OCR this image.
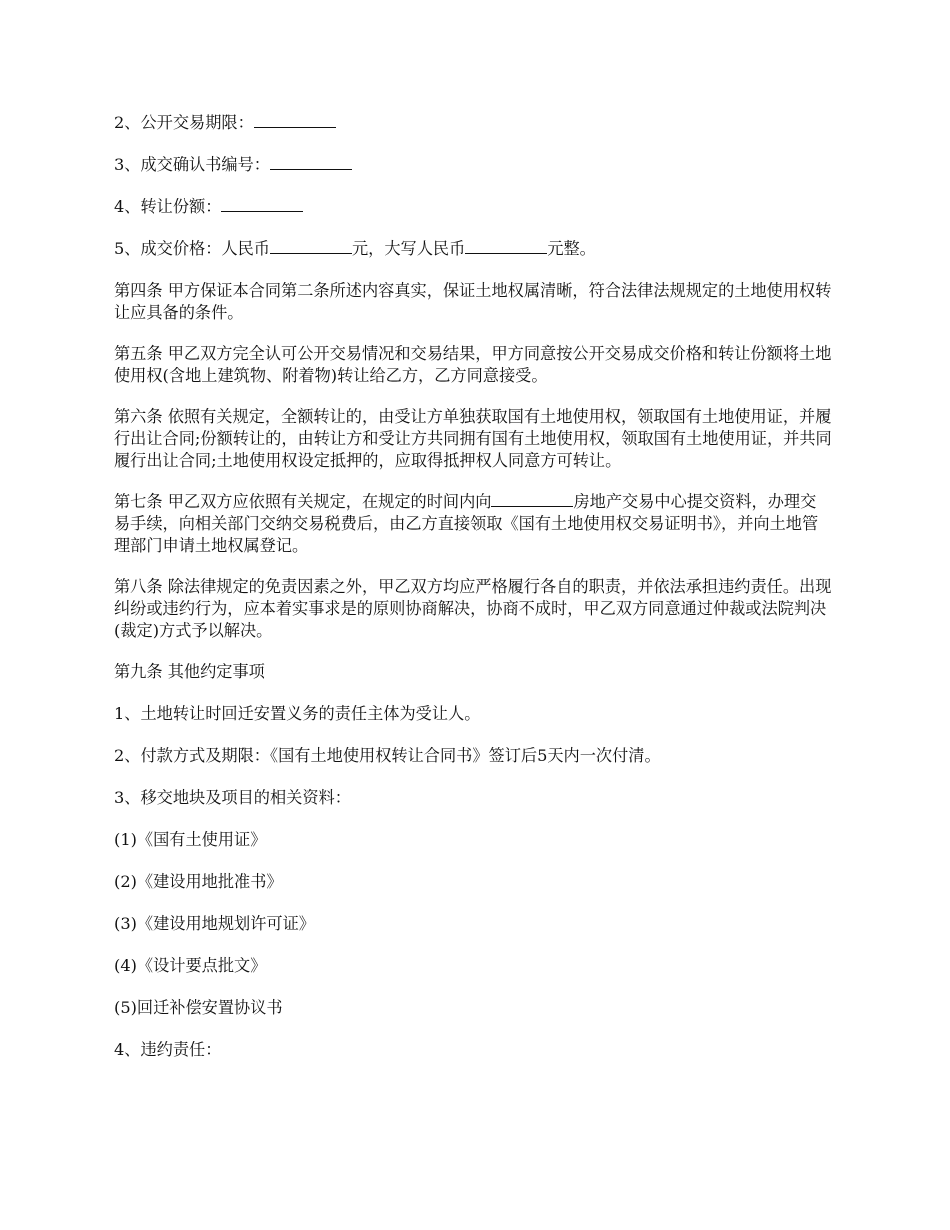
2、公开交易期限：

3、成交确认书编号：

4、转让份额：

5、成交价格：人民币	元，大写人民币	元整。

第四条 甲方保证本合同第二条所述内容真实，保证土地权属清晰，符合法律法规规定的土地使用权转让应具备的条件。

第五条 甲乙双方完全认可公开交易情况和交易结果，甲方同意按公开交易成交价格和转让份额将土地使用权(含地上建筑物、附着物)转让给乙方，乙方同意接受。

第六条 依照有关规定，全额转让的，由受让方单独获取国有土地使用权，领取国有土地使用证，并履行出让合同;份额转让的，由转让方和受让方共同拥有国有土地使用权，领取国有土地使用证，并共同履行出让合同;土地使用权设定抵押的，应取得抵押权人同意方可转让。

第七条 甲乙双方应依照有关规定，在规定的时间内向	房地产交易中心提交资料，办理交易手续，向相关部门交纳交易税费后，由乙方直接领取《国有土地使用权交易证明书》，并向土地管理部门申请土地权属登记。

第八条 除法律规定的免责因素之外，甲乙双方均应严格履行各自的职责，并依法承担违约责任。出现纠纷或违约行为，应本着实事求是的原则协商解决，协商不成时，甲乙双方同意通过仲裁或法院判决(裁定)方式予以解决。

第九条 其他约定事项

1、土地转让时回迁安置义务的责任主体为受让人。

2、付款方式及期限：《国有土地使用权转让合同书》签订后5天内一次付清。

3、移交地块及项目的相关资料：

(1)《国有土使用证》

(2)《建设用地批准书》

(3)《建设用地规划许可证》

(4)《设计要点批文》

(5)回迁补偿安置协议书

4、违约责任：
